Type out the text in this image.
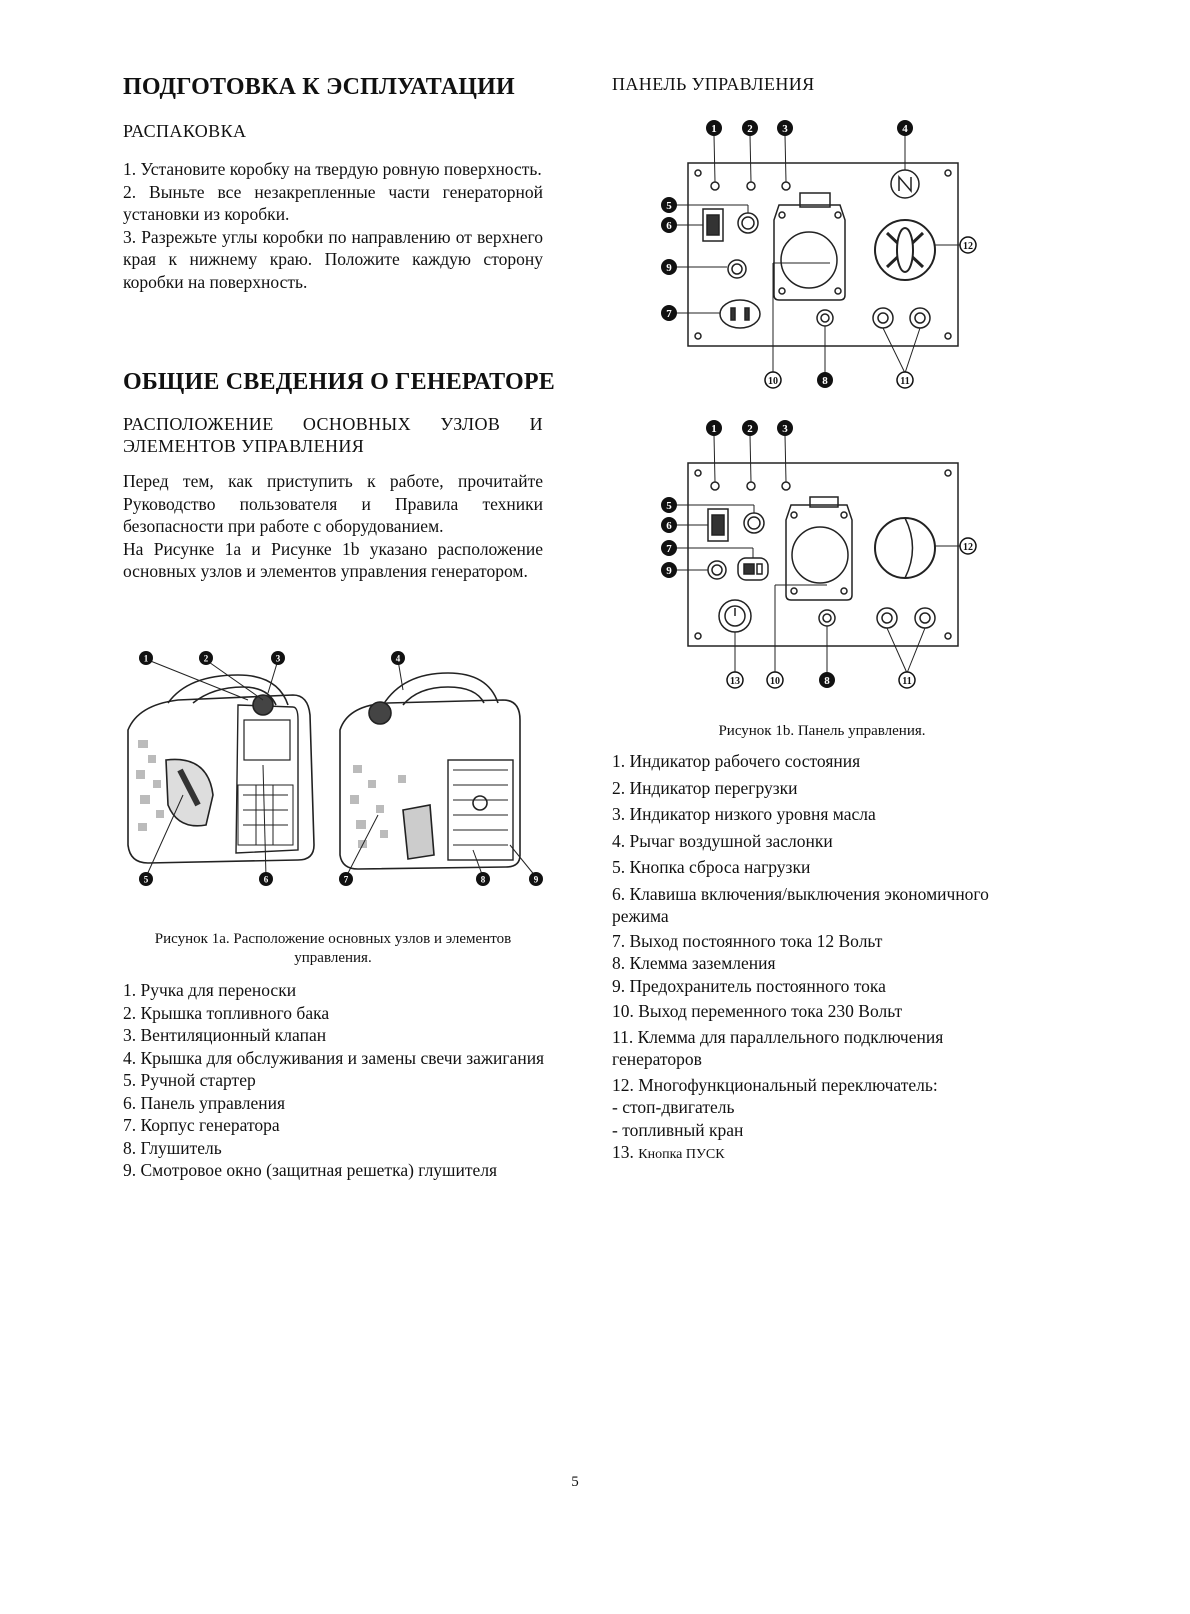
ПОДГОТОВКА К ЭСПЛУАТАЦИИ
РАСПАКОВКА

1. Установите коробку на твердую ровную поверхность.

2. Выньте все незакрепленные части генераторной установки из коробки.

3. Разрежьте углы коробки по направлению от верхнего края к нижнему краю. Положите каждую сторону коробки на поверхность.

ОБЩИЕ СВЕДЕНИЯ О ГЕНЕРАТОРЕ
РАСПОЛОЖЕНИЕ ОСНОВНЫХ УЗЛОВ И ЭЛЕМЕНТОВ УПРАВЛЕНИЯ

Перед тем, как приступить к работе, прочитайте Руководство пользователя и Правила техники безопасности при работе с оборудованием.

На Рисунке 1a и Рисунке 1b указано расположение основных узлов и элементов управления генератором.

1	2	3	4
5	6	7	8	9
Рисунок 1a. Расположение основных узлов и элементов управления.
1. Ручка для переноски
2. Крышка топливного бака
3. Вентиляционный клапан
4. Крышка для обслуживания и замены свечи зажигания
5. Ручной стартер
6. Панель управления
7. Корпус генератора
8. Глушитель
9. Смотровое окно (защитная решетка) глушителя
ПАНЕЛЬ УПРАВЛЕНИЯ
1	2	3	4
5
6
9
7
12
10	8	11
1	2	3
5
6
7
9
12
13	10	8	11
Рисунок 1b. Панель управления.
1. Индикатор рабочего состояния
2. Индикатор перегрузки
3. Индикатор низкого уровня масла
4. Рычаг воздушной заслонки
5. Кнопка сброса нагрузки
6. Клавиша включения/выключения экономичного режима
7. Выход постоянного тока 12 Вольт
8. Клемма заземления
9. Предохранитель постоянного тока
10. Выход переменного тока 230 Вольт
11. Клемма для параллельного подключения генераторов
12. Многофункциональный переключатель:
- стоп-двигатель
- топливный кран
13. Кнопка ПУСК
5
